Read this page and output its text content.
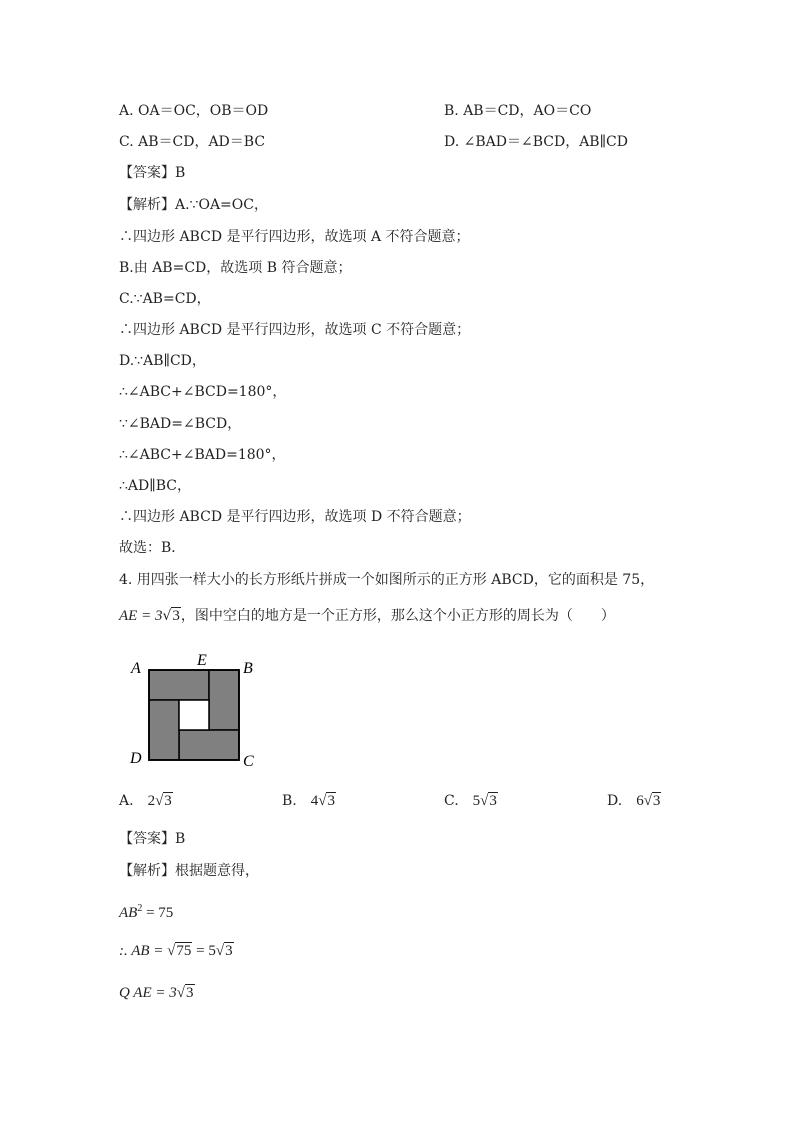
A. OA＝OC，OB＝OD	B. AB＝CD，AO＝CO
C. AB＝CD，AD＝BC	D. ∠BAD＝∠BCD，AB∥CD
【答案】B
【解析】A.∵OA=OC，
∴四边形 ABCD 是平行四边形，故选项 A 不符合题意；
B.由 AB=CD，故选项 B 符合题意；
C.∵AB=CD，
∴四边形 ABCD 是平行四边形，故选项 C 不符合题意；
D.∵AB∥CD，
∴∠ABC+∠BCD=180°，
∵∠BAD=∠BCD，
∴∠ABC+∠BAD=180°，
∴AD∥BC，
∴四边形 ABCD 是平行四边形，故选项 D 不符合题意；
故选：B．
4. 用四张一样大小的长方形纸片拼成一个如图所示的正方形 ABCD，它的面积是 75，
AE = 3√3，图中空白的地方是一个正方形，那么这个小正方形的周长为（　　）
A	E B
D	C
A. 2√3	B. 4√3	C. 5√3	D. 6√3
【答案】B
【解析】根据题意得，
$AB^2 = 75$
:. AB = √75 = 5√3
Q AE = 3√3
